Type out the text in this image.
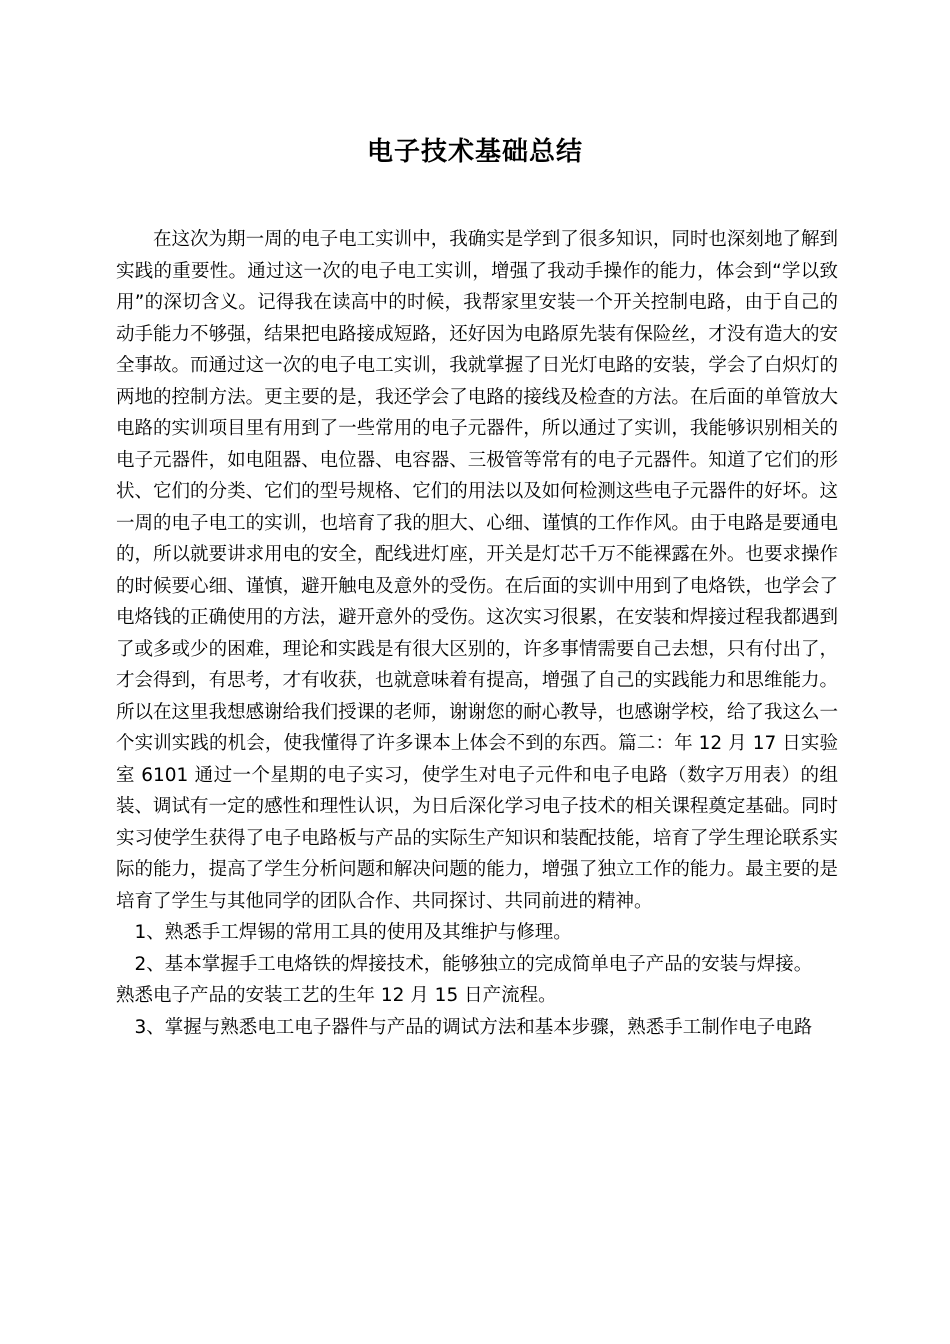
电子技术基础总结

在这次为期一周的电子电工实训中，我确实是学到了很多知识，同时也深刻地了解到实践的重要性。通过这一次的电子电工实训，增强了我动手操作的能力，体会到“学以致用”的深切含义。记得我在读高中的时候，我帮家里安装一个开关控制电路，由于自己的动手能力不够强，结果把电路接成短路，还好因为电路原先装有保险丝，才没有造大的安全事故。而通过这一次的电子电工实训，我就掌握了日光灯电路的安装，学会了白炽灯的两地的控制方法。更主要的是，我还学会了电路的接线及检查的方法。在后面的单管放大电路的实训项目里有用到了一些常用的电子元器件，所以通过了实训，我能够识别相关的电子元器件，如电阻器、电位器、电容器、三极管等常有的电子元器件。知道了它们的形状、它们的分类、它们的型号规格、它们的用法以及如何检测这些电子元器件的好坏。这一周的电子电工的实训，也培育了我的胆大、心细、谨慎的工作作风。由于电路是要通电的，所以就要讲求用电的安全，配线进灯座，开关是灯芯千万不能裸露在外。也要求操作的时候要心细、谨慎，避开触电及意外的受伤。在后面的实训中用到了电烙铁，也学会了电烙钱的正确使用的方法，避开意外的受伤。这次实习很累，在安装和焊接过程我都遇到了或多或少的困难，理论和实践是有很大区别的，许多事情需要自己去想，只有付出了，才会得到，有思考，才有收获，也就意味着有提高，增强了自己的实践能力和思维能力。所以在这里我想感谢给我们授课的老师，谢谢您的耐心教导，也感谢学校，给了我这么一个实训实践的机会，使我懂得了许多课本上体会不到的东西。篇二：年 12 月 17 日实验室 6101 通过一个星期的电子实习，使学生对电子元件和电子电路（数字万用表）的组装、调试有一定的感性和理性认识，为日后深化学习电子技术的相关课程奠定基础。同时实习使学生获得了电子电路板与产品的实际生产知识和装配技能，培育了学生理论联系实际的能力，提高了学生分析问题和解决问题的能力，增强了独立工作的能力。最主要的是培育了学生与其他同学的团队合作、共同探讨、共同前进的精神。

1、熟悉手工焊锡的常用工具的使用及其维护与修理。

2、基本掌握手工电烙铁的焊接技术，能够独立的完成简单电子产品的安装与焊接。

熟悉电子产品的安装工艺的生年 12 月 15 日产流程。

3、掌握与熟悉电工电子器件与产品的调试方法和基本步骤，熟悉手工制作电子电路
